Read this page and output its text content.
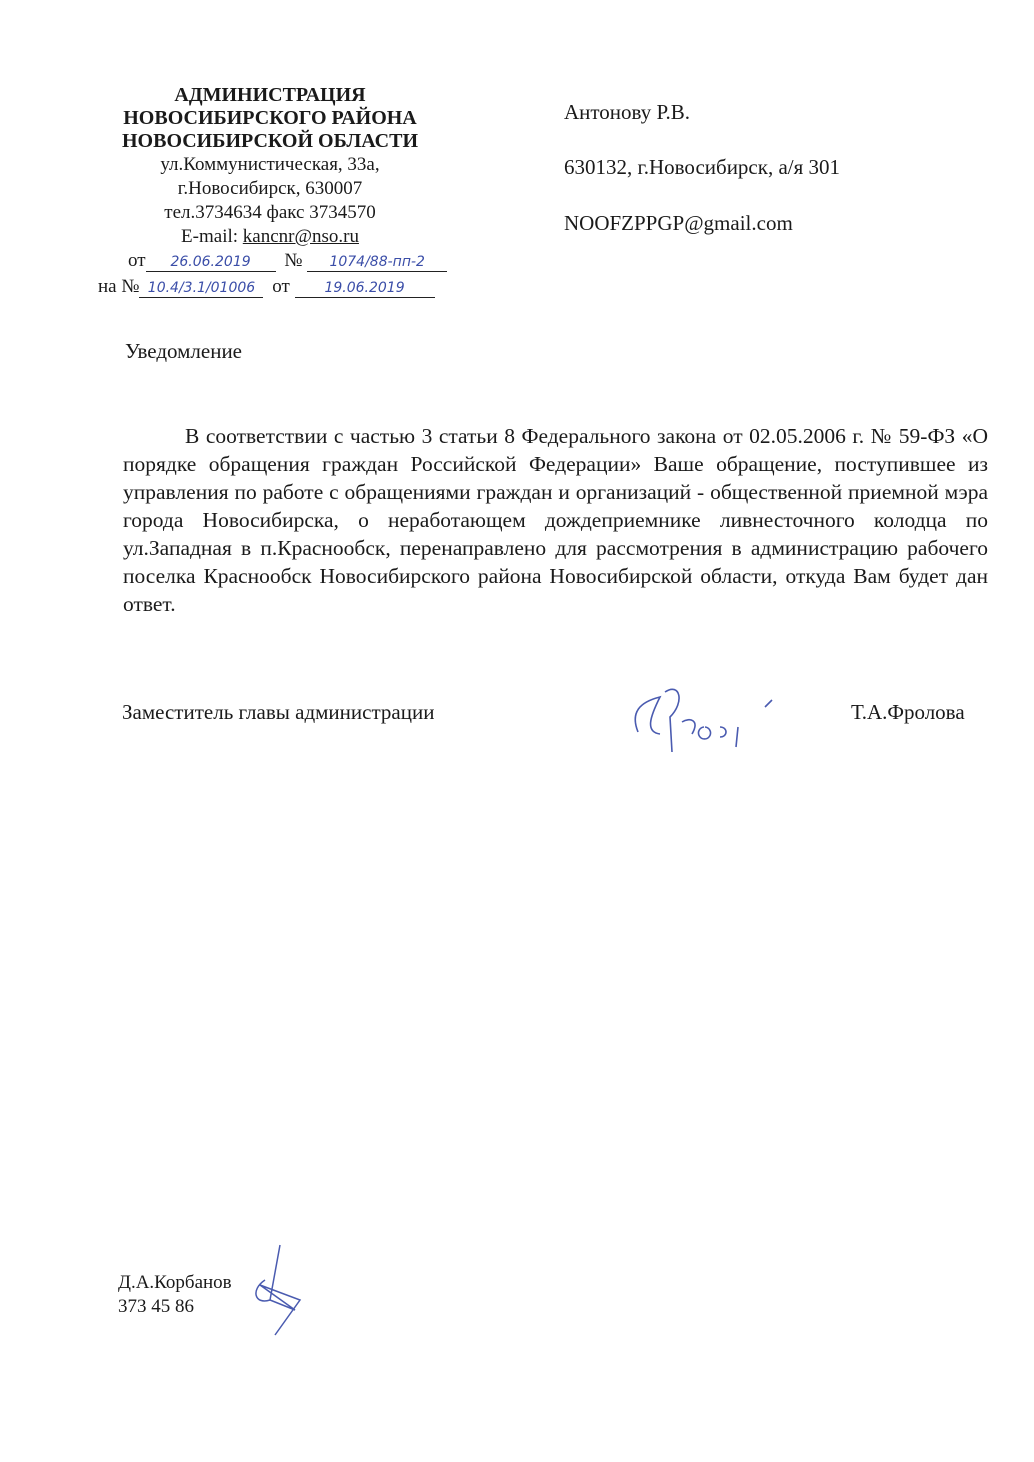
АДМИНИСТРАЦИЯ
НОВОСИБИРСКОГО РАЙОНА
НОВОСИБИРСКОЙ ОБЛАСТИ
ул.Коммунистическая, 33а,
г.Новосибирск, 630007
тел.3734634 факс 3734570
E-mail: kancnr@nso.ru
от 26.06.2019 № 1074/88-пп-2
на № 10.4/3.1/01006 от 19.06.2019
Антонову Р.В.
630132, г.Новосибирск, а/я 301
NOOFZPPGP@gmail.com
Уведомление
В соответствии с частью 3 статьи 8 Федерального закона от 02.05.2006 г. № 59-ФЗ «О порядке обращения граждан Российской Федерации» Ваше обращение, поступившее из управления по работе с обращениями граждан и организаций - общественной приемной мэра города Новосибирска, о неработающем дождеприемнике ливнесточного колодца по ул.Западная в п.Краснообск, перенаправлено для рассмотрения в администрацию рабочего поселка Краснообск Новосибирского района Новосибирской области, откуда Вам будет дан ответ.
Заместитель главы администрации	Т.А.Фролова
Д.А.Корбанов
373 45 86
